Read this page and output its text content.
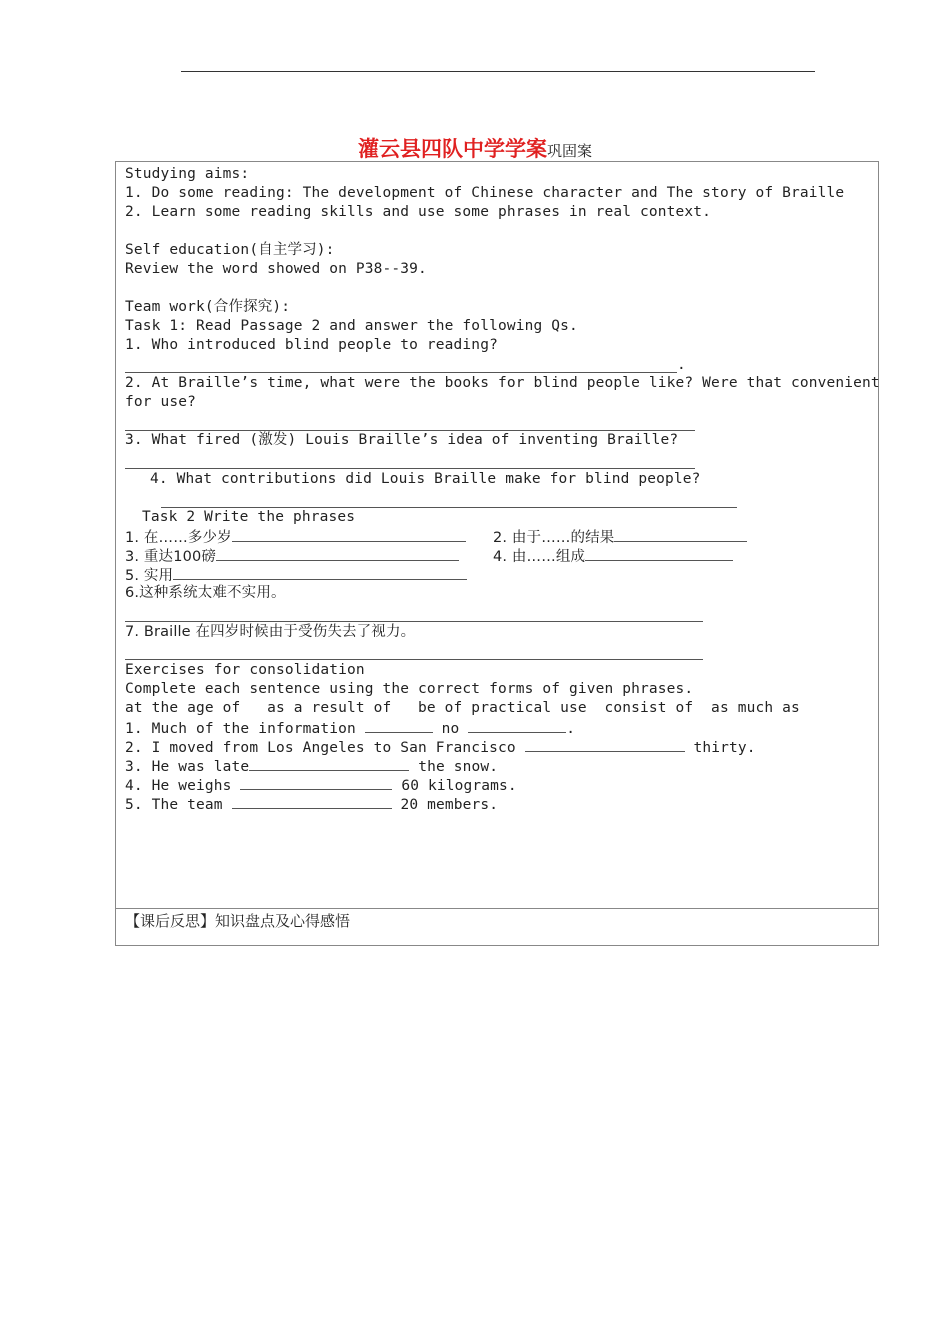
灌云县四队中学学案巩固案
Studying aims:
1. Do some reading: The development of Chinese character and The story of Braille
2. Learn some reading skills and use some phrases in real context.
Self education(自主学习):
Review the word showed on P38--39.
Team work(合作探究):
Task 1: Read Passage 2 and answer the following Qs.
1. Who introduced blind people to reading?
.
2. At Braille’s time, what were the books for blind people like? Were that convenient
for use?
3. What fired (激发) Louis Braille’s idea of inventing Braille?
4. What contributions did Louis Braille make for blind people?
Task 2 Write the phrases
1. 在……多少岁	2. 由于……的结果
3. 重达100磅	4. 由……组成
5. 实用
6.这种系统太难不实用。
7. Braille 在四岁时候由于受伤失去了视力。
Exercises for consolidation
Complete each sentence using the correct forms of given phrases.
at the age of   as a result of   be of practical use  consist of  as much as
1. Much of the information	no	.
2. I moved from Los Angeles to San Francisco	thirty.
3. He was late	the snow.
4. He weighs	60 kilograms.
5. The team	20 members.
【课后反思】知识盘点及心得感悟
